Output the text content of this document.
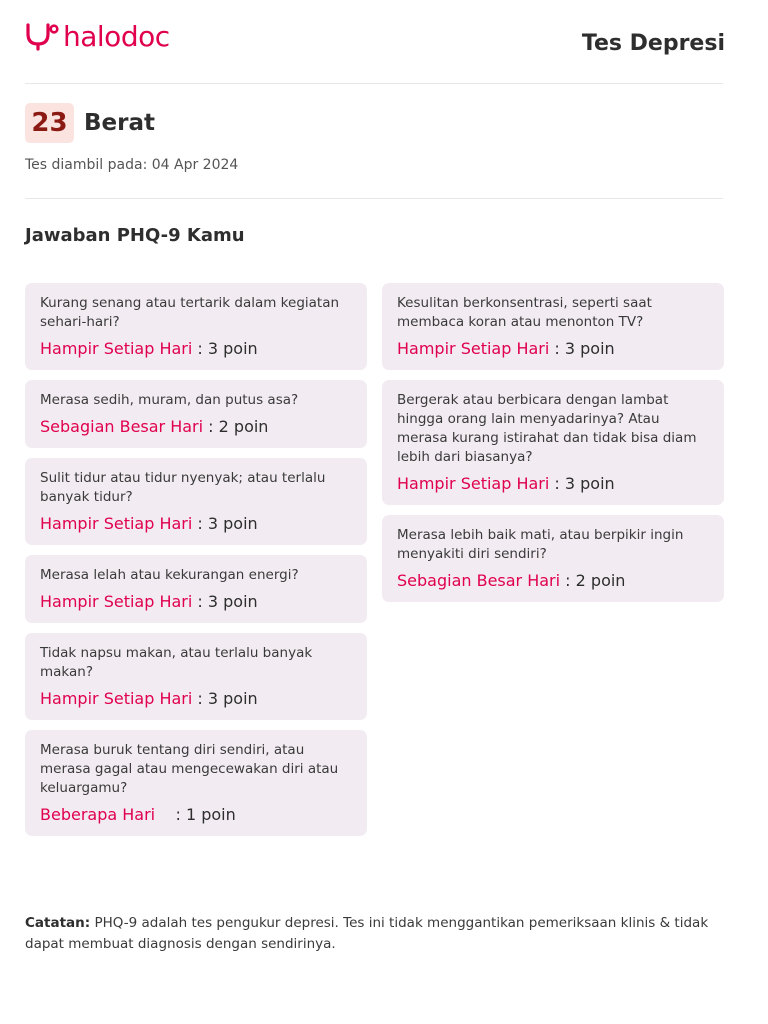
halodoc	Tes Depresi
23 Berat
Tes diambil pada: 04 Apr 2024
Jawaban PHQ-9 Kamu
Kurang senang atau tertarik dalam kegiatan sehari-hari?
Hampir Setiap Hari : 3 poin
Merasa sedih, muram, dan putus asa?
Sebagian Besar Hari : 2 poin
Sulit tidur atau tidur nyenyak; atau terlalu banyak tidur?
Hampir Setiap Hari : 3 poin
Merasa lelah atau kekurangan energi?
Hampir Setiap Hari : 3 poin
Tidak napsu makan, atau terlalu banyak makan?
Hampir Setiap Hari : 3 poin
Merasa buruk tentang diri sendiri, atau merasa gagal atau mengecewakan diri atau keluargamu?
Beberapa Hari    : 1 poin
Kesulitan berkonsentrasi, seperti saat membaca koran atau menonton TV?
Hampir Setiap Hari : 3 poin
Bergerak atau berbicara dengan lambat hingga orang lain menyadarinya? Atau merasa kurang istirahat dan tidak bisa diam lebih dari biasanya?
Hampir Setiap Hari : 3 poin
Merasa lebih baik mati, atau berpikir ingin menyakiti diri sendiri?
Sebagian Besar Hari : 2 poin
Catatan: PHQ-9 adalah tes pengukur depresi. Tes ini tidak menggantikan pemeriksaan klinis & tidak dapat membuat diagnosis dengan sendirinya.
